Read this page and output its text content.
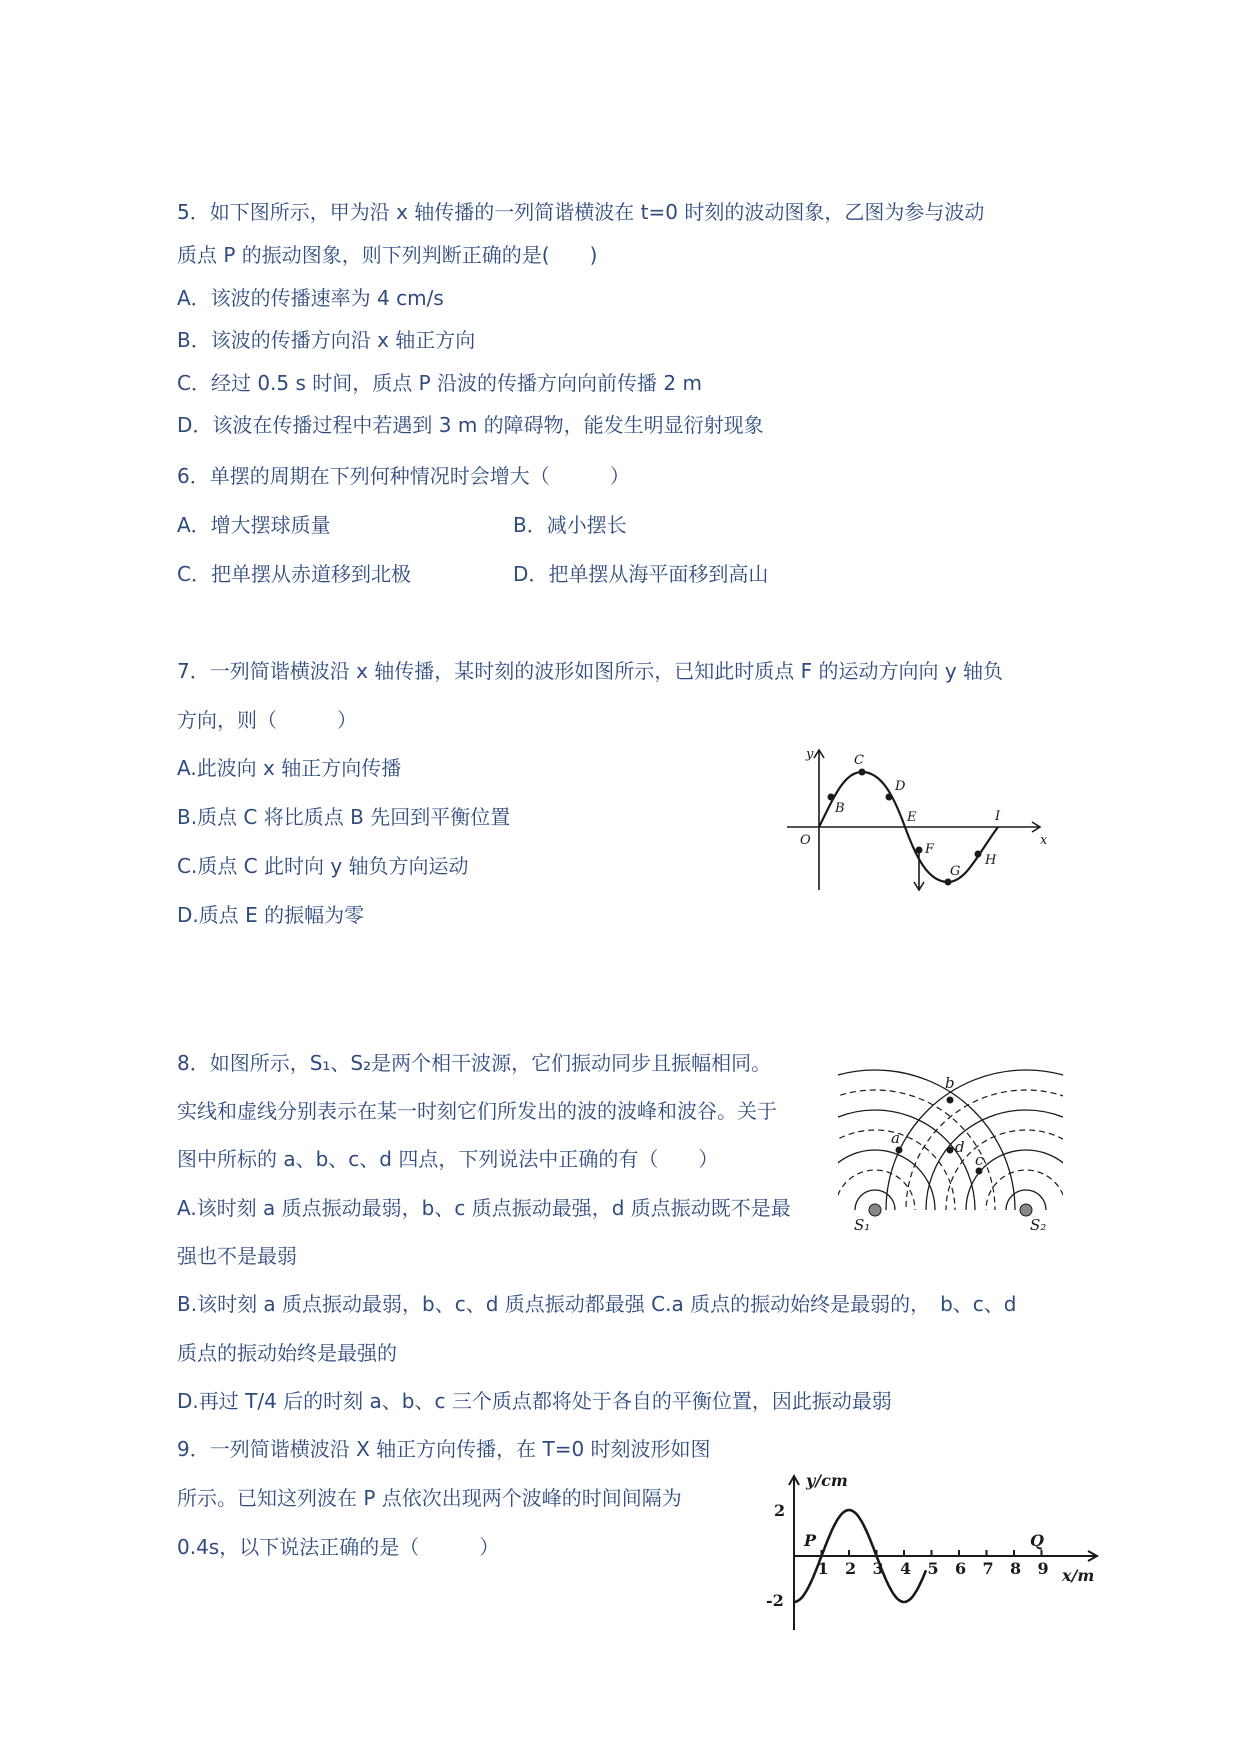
5．如下图所示，甲为沿 x 轴传播的一列简谐横波在 t=0 时刻的波动图象，乙图为参与波动
质点 P 的振动图象，则下列判断正确的是(　　)
A．该波的传播速率为 4 cm/s
B．该波的传播方向沿 x 轴正方向
C．经过 0.5 s 时间，质点 P 沿波的传播方向向前传播 2 m
D．该波在传播过程中若遇到 3 m 的障碍物，能发生明显衍射现象
6．单摆的周期在下列何种情况时会增大（　　　）
A．增大摆球质量	B．减小摆长
C．把单摆从赤道移到北极	D．把单摆从海平面移到高山
7．一列简谐横波沿 x 轴传播，某时刻的波形如图所示，已知此时质点 F 的运动方向向 y 轴负
方向，则（　　　）
A.此波向 x 轴正方向传播
B.质点 C 将比质点 B 先回到平衡位置
C.质点 C 此时向 y 轴负方向运动
D.质点 E 的振幅为零
y
x
O
B
C
D
E
F
G
H
I
8．如图所示，S₁、S₂是两个相干波源，它们振动同步且振幅相同。
实线和虚线分别表示在某一时刻它们所发出的波的波峰和波谷。关于
图中所标的 a、b、c、d 四点，下列说法中正确的有（　　）
A.该时刻 a 质点振动最弱，b、c 质点振动最强，d 质点振动既不是最
强也不是最弱
B.该时刻 a 质点振动最弱，b、c、d 质点振动都最强 C.a 质点的振动始终是最弱的，　b、c、d
质点的振动始终是最强的
D.再过 T/4 后的时刻 a、b、c 三个质点都将处于各自的平衡位置，因此振动最弱
b
a	d
c
S₁	S₂
9．一列简谐横波沿 X 轴正方向传播，在 T=0 时刻波形如图
所示。已知这列波在 P 点依次出现两个波峰的时间间隔为
0.4s，以下说法正确的是（　　　）
1 2 3 4 5 6 7 8 9
y/cm
x/m
2
-2
P	Q
